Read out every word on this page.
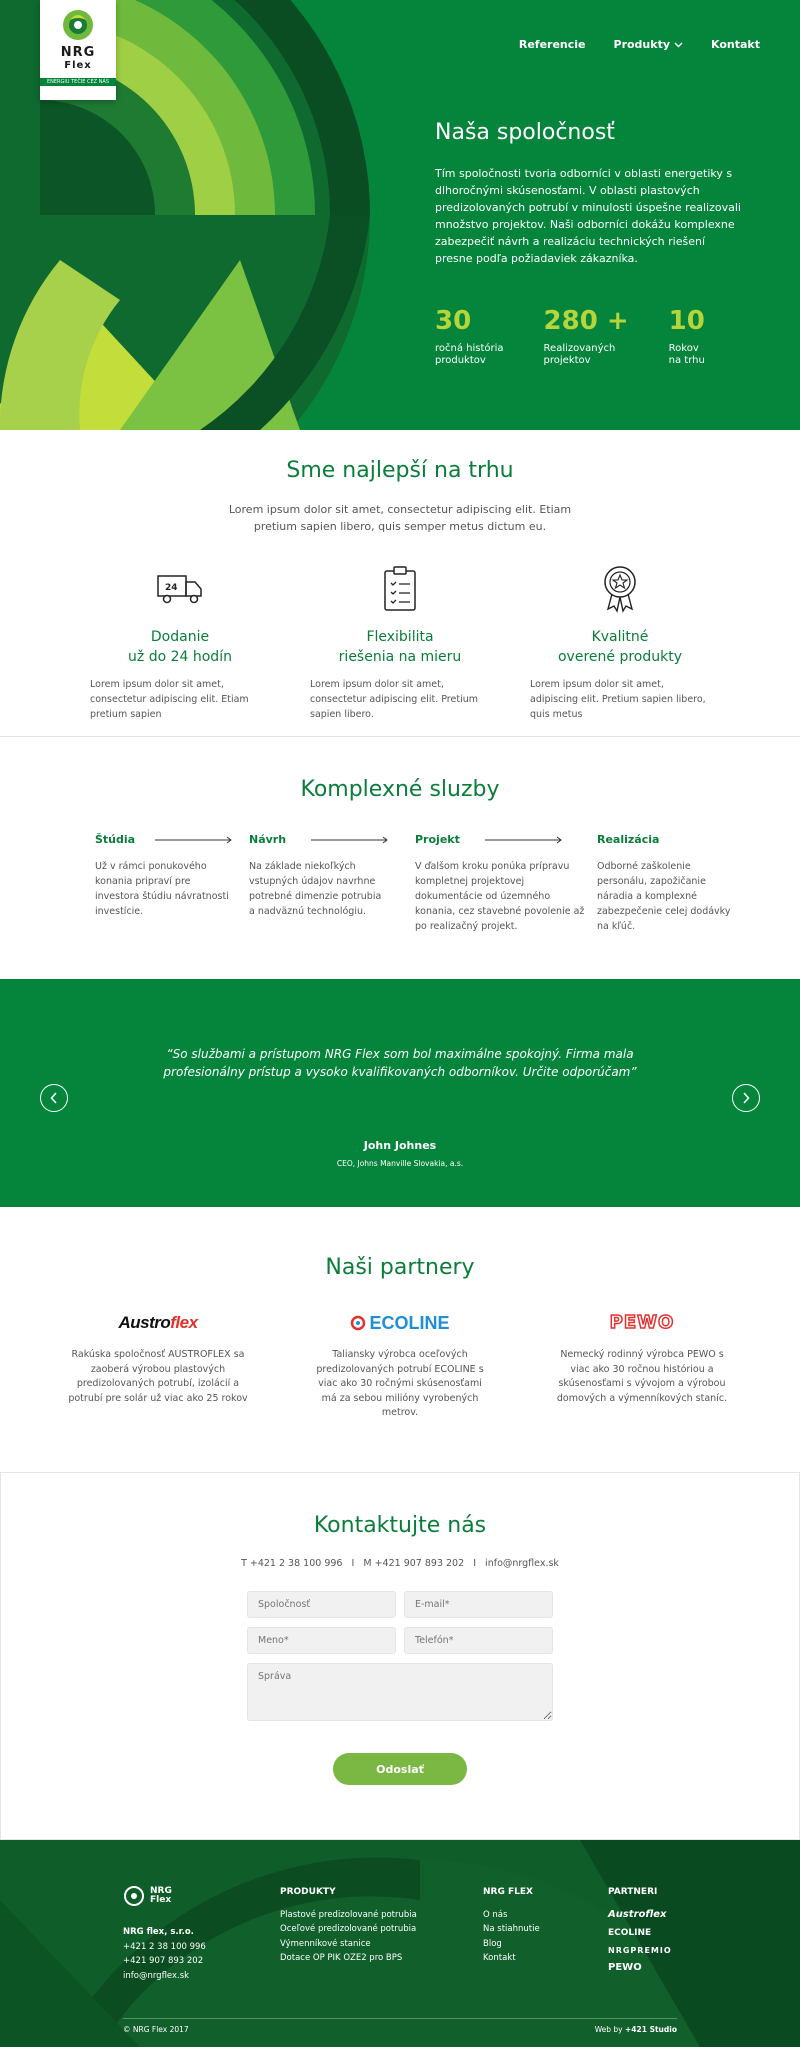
NRG
Flex
ENERGIU TEČIE CEZ NÁS
Referencie	Produkty	Kontakt
Naša spoločnosť

Tím spoločnosti tvoria odborníci v oblasti energetiky s dlhoročnými skúsenosťami. V oblasti plastových predizolovaných potrubí v minulosti úspešne realizovali množstvo projektov. Naši odborníci dokážu komplexne zabezpečiť návrh a realizáciu technických riešení presne podľa požiadaviek zákazníka.

30
ročná história
produktov
280 +
Realizovaných
projektov
10
Rokov
na trhu
Sme najlepší na trhu

Lorem ipsum dolor sit amet, consectetur adipiscing elit. Etiam pretium sapien libero, quis semper metus dictum eu.

24
Dodanie
už do 24 hodín

Lorem ipsum dolor sit amet, consectetur adipiscing elit. Etiam pretium sapien

Flexibilita
riešenia na mieru

Lorem ipsum dolor sit amet, consectetur adipiscing elit. Pretium sapien libero.

Kvalitné
overené produkty

Lorem ipsum dolor sit amet, adipiscing elit. Pretium sapien libero, quis metus

Komplexné sluzby
Štúdia

Už v rámci ponukového konania pripraví pre investora štúdiu návratnosti investície.

Návrh

Na základe niekoľkých vstupných údajov navrhne potrebné dimenzie potrubia a nadväznú technológiu.

Projekt

V ďalšom kroku ponúka prípravu kompletnej projektovej dokumentácie od územného konania, cez stavebné povolenie až po realizačný projekt.

Realizácia

Odborné zaškolenie personálu, zapožičanie náradia a komplexné zabezpečenie celej dodávky na kľúč.

“So službami a prístupom NRG Flex som bol maximálne spokojný. Firma mala profesionálny prístup a vysoko kvalifikovaných odborníkov. Určite odporúčam”

John Johnes
CEO, Johns Manville Slovakia, a.s.
Naši partnery
Austroflex

Rakúska spoločnosť AUSTROFLEX sa zaoberá výrobou plastových predizolovaných potrubí, izolácií a potrubí pre solár už viac ako 25 rokov

ECOLINE

Taliansky výrobca oceľových predizolovaných potrubí ECOLINE s viac ako 30 ročnými skúsenosťami má za sebou milióny vyrobených metrov.

PEWO

Nemecký rodinný výrobca PEWO s viac ako 30 ročnou históriou a skúsenosťami s vývojom a výrobou domových a výmenníkových staníc.

Kontaktujte nás

T +421 2 38 100 996   I   M +421 907 893 202   I   info@nrgflex.sk

Spoločnosť
E-mail*
Meno*
Telefón*
Správa
Odoslať
NRG
Flex
NRG flex, s.r.o.
+421 2 38 100 996
+421 907 893 202
info@nrgflex.sk
PRODUKTY
Plastové predizolované potrubia
Oceľové predizolované potrubia
Výmenníkové stanice
Dotace OP PIK OZE2 pro BPS
NRG FLEX
O nás
Na stiahnutie
Blog
Kontakt
PARTNERI
Austroflex
ECOLINE
NRGPREMIO
PEWO
© NRG Flex 2017	Web by +421 Studio
